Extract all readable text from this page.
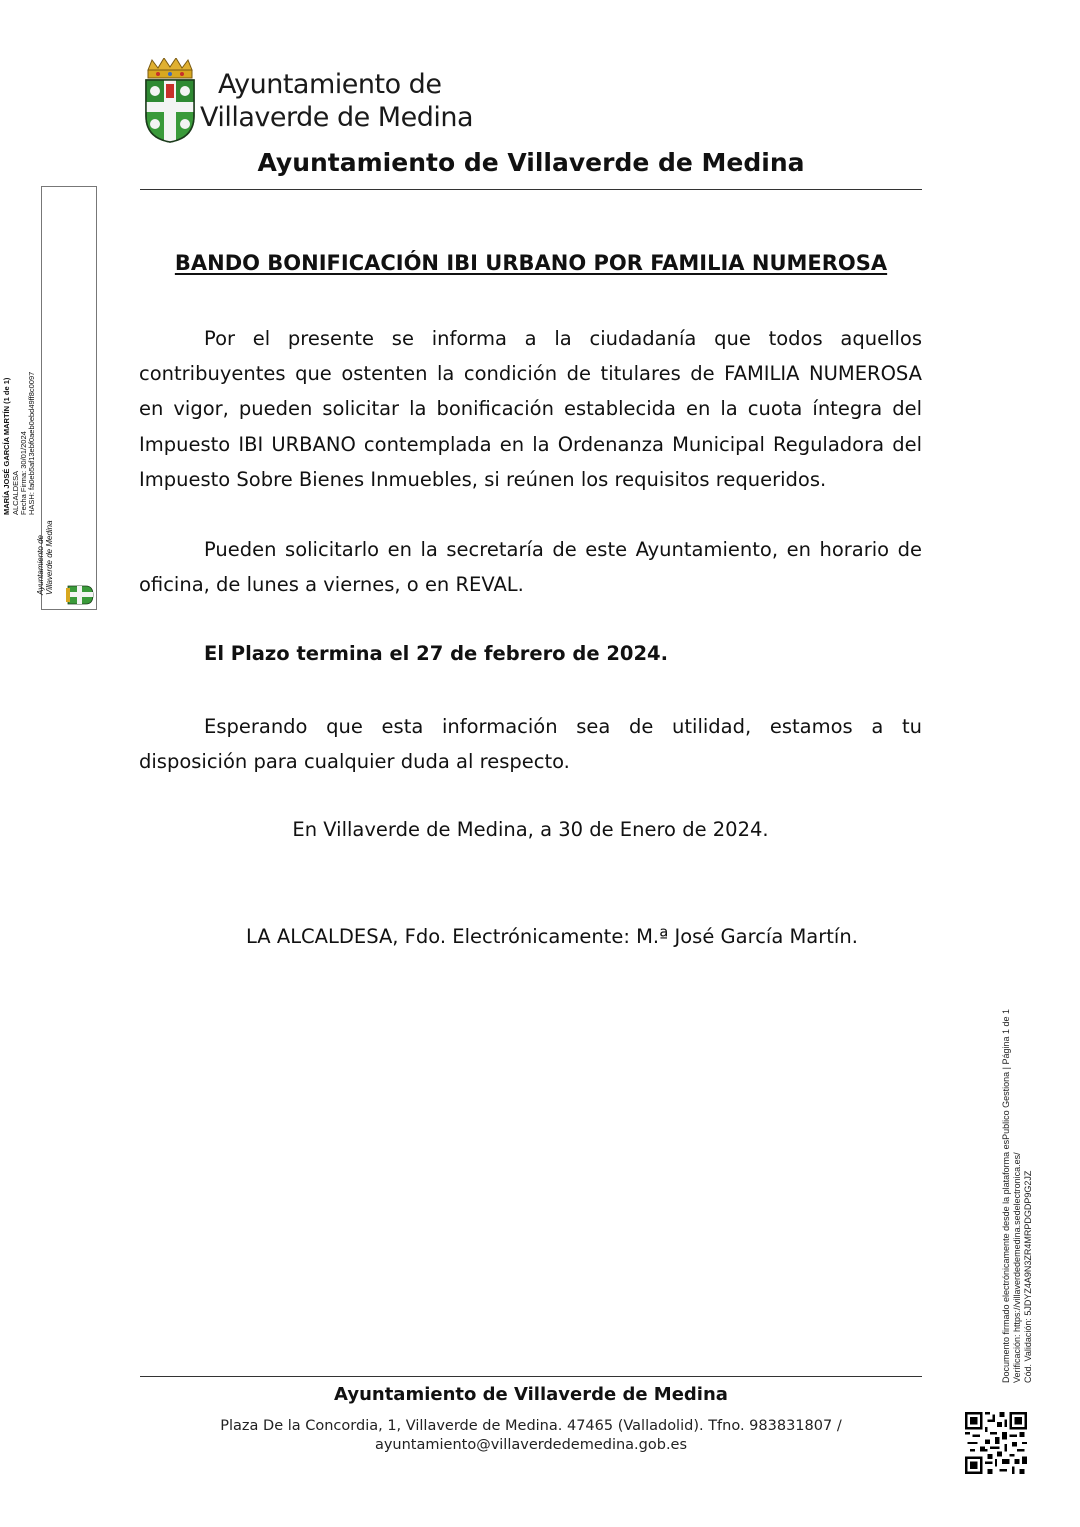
Ayuntamiento de
Villaverde de Medina
Ayuntamiento de Villaverde de Medina
Ayuntamiento de Villaverde de Medina
MARÍA JOSÉ GARCÍA MARTÍN (1 de 1) ALCALDESA Fecha Firma: 30/01/2024 HASH: fa0eb5af13ebf0aeb0ebd49ff8c0097
BANDO BONIFICACIÓN IBI URBANO POR FAMILIA NUMEROSA

Por el presente se informa a la ciudadanía que todos aquellos contribuyentes que ostenten la condición de titulares de FAMILIA NUMEROSA en vigor, pueden solicitar la bonificación establecida en la cuota íntegra del Impuesto IBI URBANO contemplada en la Ordenanza Municipal Reguladora del Impuesto Sobre Bienes Inmuebles, si reúnen los requisitos requeridos.

Pueden solicitarlo en la secretaría de este Ayuntamiento, en horario de oficina, de lunes a viernes, o en REVAL.

El Plazo termina el 27 de febrero de 2024.

Esperando que esta información sea de utilidad, estamos a tu disposición para cualquier duda al respecto.

En Villaverde de Medina, a 30 de Enero de 2024.
LA ALCALDESA, Fdo. Electrónicamente: M.ª José García Martín.
Documento firmado electrónicamente desde la plataforma esPublico Gestiona | Página 1 de 1 Verificación: https://villaverdedemedina.sedelectronica.es/ Cód. Validación: 5JDYZ4A9N3ZR4MRPDGDP9G2JZ
Ayuntamiento de Villaverde de Medina
Plaza De la Concordia, 1, Villaverde de Medina. 47465 (Valladolid). Tfno. 983831807 /
ayuntamiento@villaverdedemedina.gob.es
